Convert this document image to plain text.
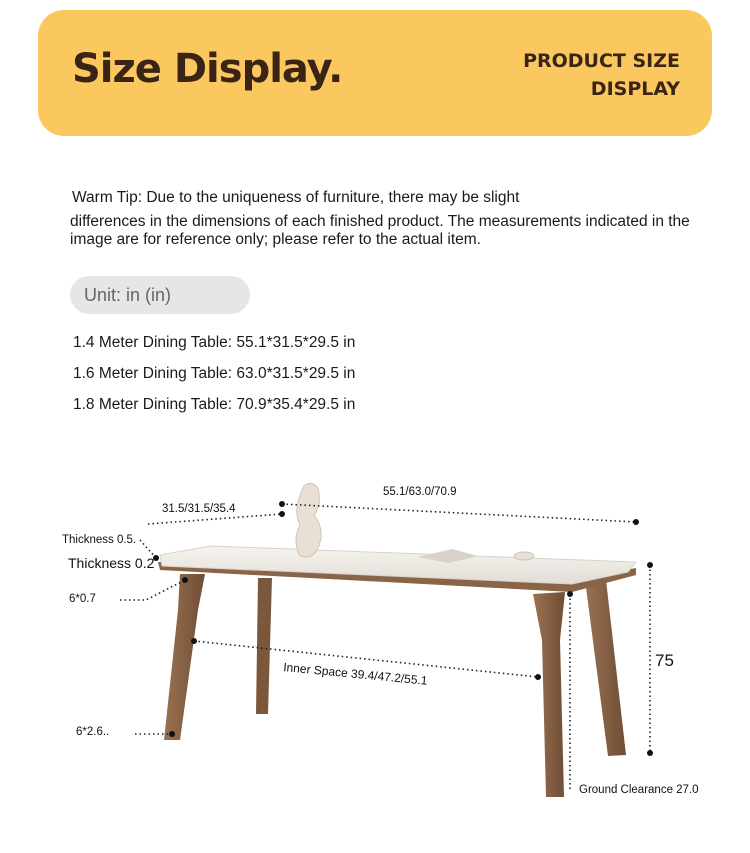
Size Display.	PRODUCT SIZE
DISPLAY
Warm Tip: Due to the uniqueness of furniture, there may be slight
differences in the dimensions of each finished product. The measurements indicated in the
image are for reference only; please refer to the actual item.
Unit: in (in)
1.4 Meter Dining Table: 55.1*31.5*29.5 in
1.6 Meter Dining Table: 63.0*31.5*29.5 in
1.8 Meter Dining Table: 70.9*35.4*29.5 in
31.5/31.5/35.4
55.1/63.0/70.9
Thickness 0.5.
Thickness 0.2
6*0.7
Inner Space 39.4/47.2/55.1	75
6*2.6..
Ground Clearance 27.0
